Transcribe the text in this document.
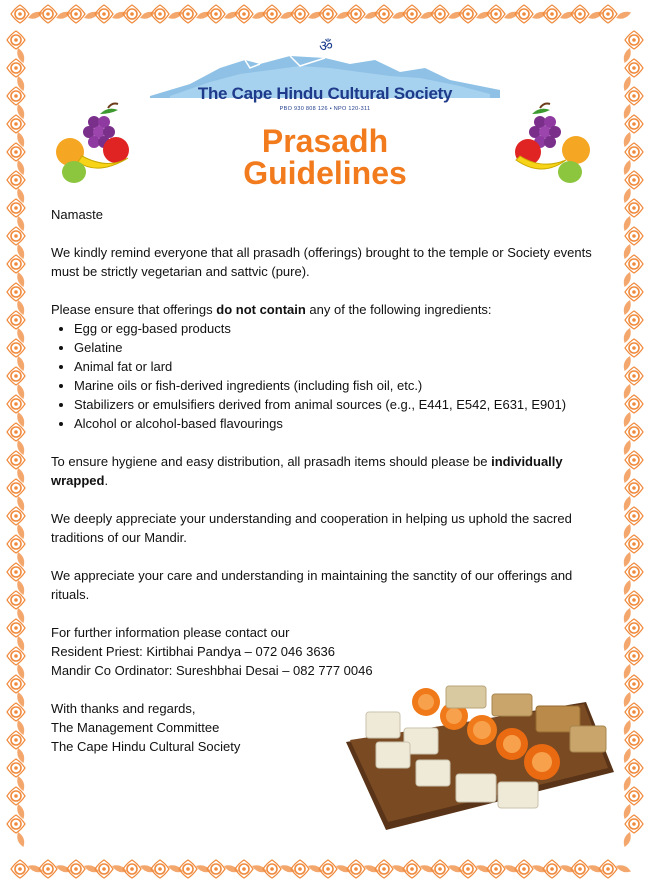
ॐ
The Cape Hindu Cultural Society
PBO 930 808 126 • NPO 120-311
Prasadh
Guidelines

Namaste

We kindly remind everyone that all prasadh (offerings) brought to the temple or Society events must be strictly vegetarian and sattvic (pure).

Please ensure that offerings do not contain any of the following ingredients:

• Egg or egg-based products
• Gelatine
• Animal fat or lard
• Marine oils or fish-derived ingredients (including fish oil, etc.)
• Stabilizers or emulsifiers derived from animal sources (e.g., E441, E542, E631, E901)
• Alcohol or alcohol-based flavourings

To ensure hygiene and easy distribution, all prasadh items should please be individually wrapped.

We deeply appreciate your understanding and cooperation in helping us uphold the sacred traditions of our Mandir.

We appreciate your care and understanding in maintaining the sanctity of our offerings and rituals.

For further information please contact our

Resident Priest: Kirtibhai Pandya – 072 046 3636

Mandir Co Ordinator: Sureshbhai Desai – 082 777 0046

With thanks and regards,

The Management Committee

The Cape Hindu Cultural Society
